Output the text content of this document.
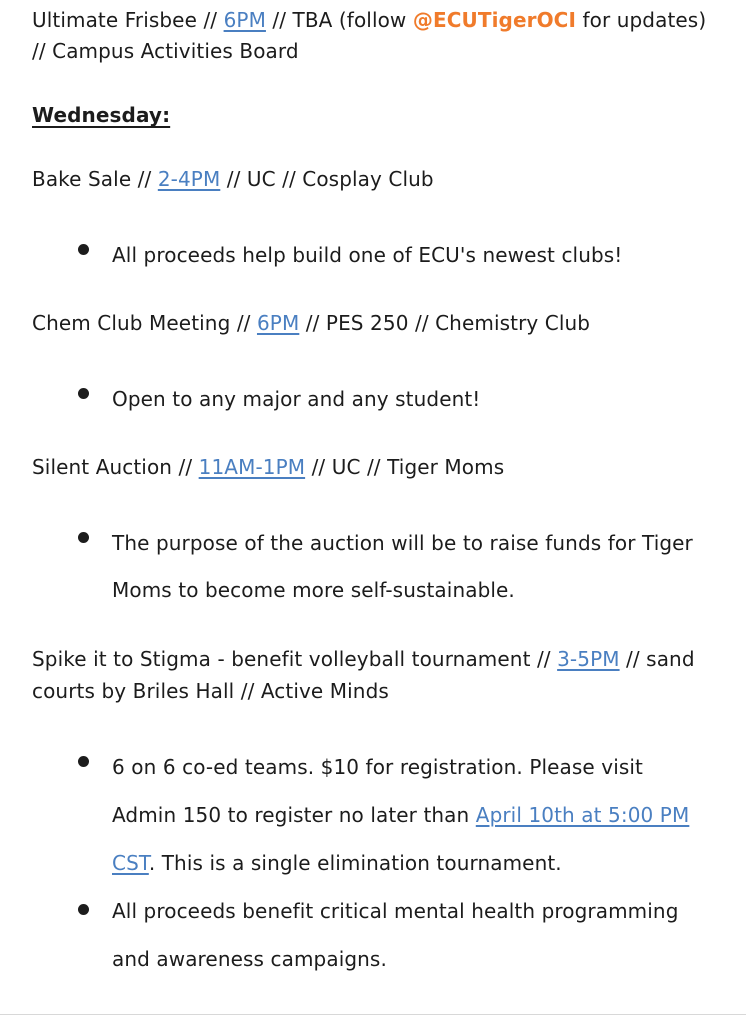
Ultimate Frisbee // 6PM // TBA (follow @ECUTigerOCI for updates)
// Campus Activities Board
Wednesday:
Bake Sale // 2-4PM // UC // Cosplay Club
All proceeds help build one of ECU's newest clubs!
Chem Club Meeting // 6PM // PES 250 // Chemistry Club
Open to any major and any student!
Silent Auction // 11AM-1PM // UC // Tiger Moms
The purpose of the auction will be to raise funds for Tiger
Moms to become more self-sustainable.
Spike it to Stigma - benefit volleyball tournament // 3-5PM // sand
courts by Briles Hall // Active Minds
6 on 6 co-ed teams. $10 for registration. Please visit
Admin 150 to register no later than April 10th at 5:00 PM
CST. This is a single elimination tournament.
All proceeds benefit critical mental health programming
and awareness campaigns.
